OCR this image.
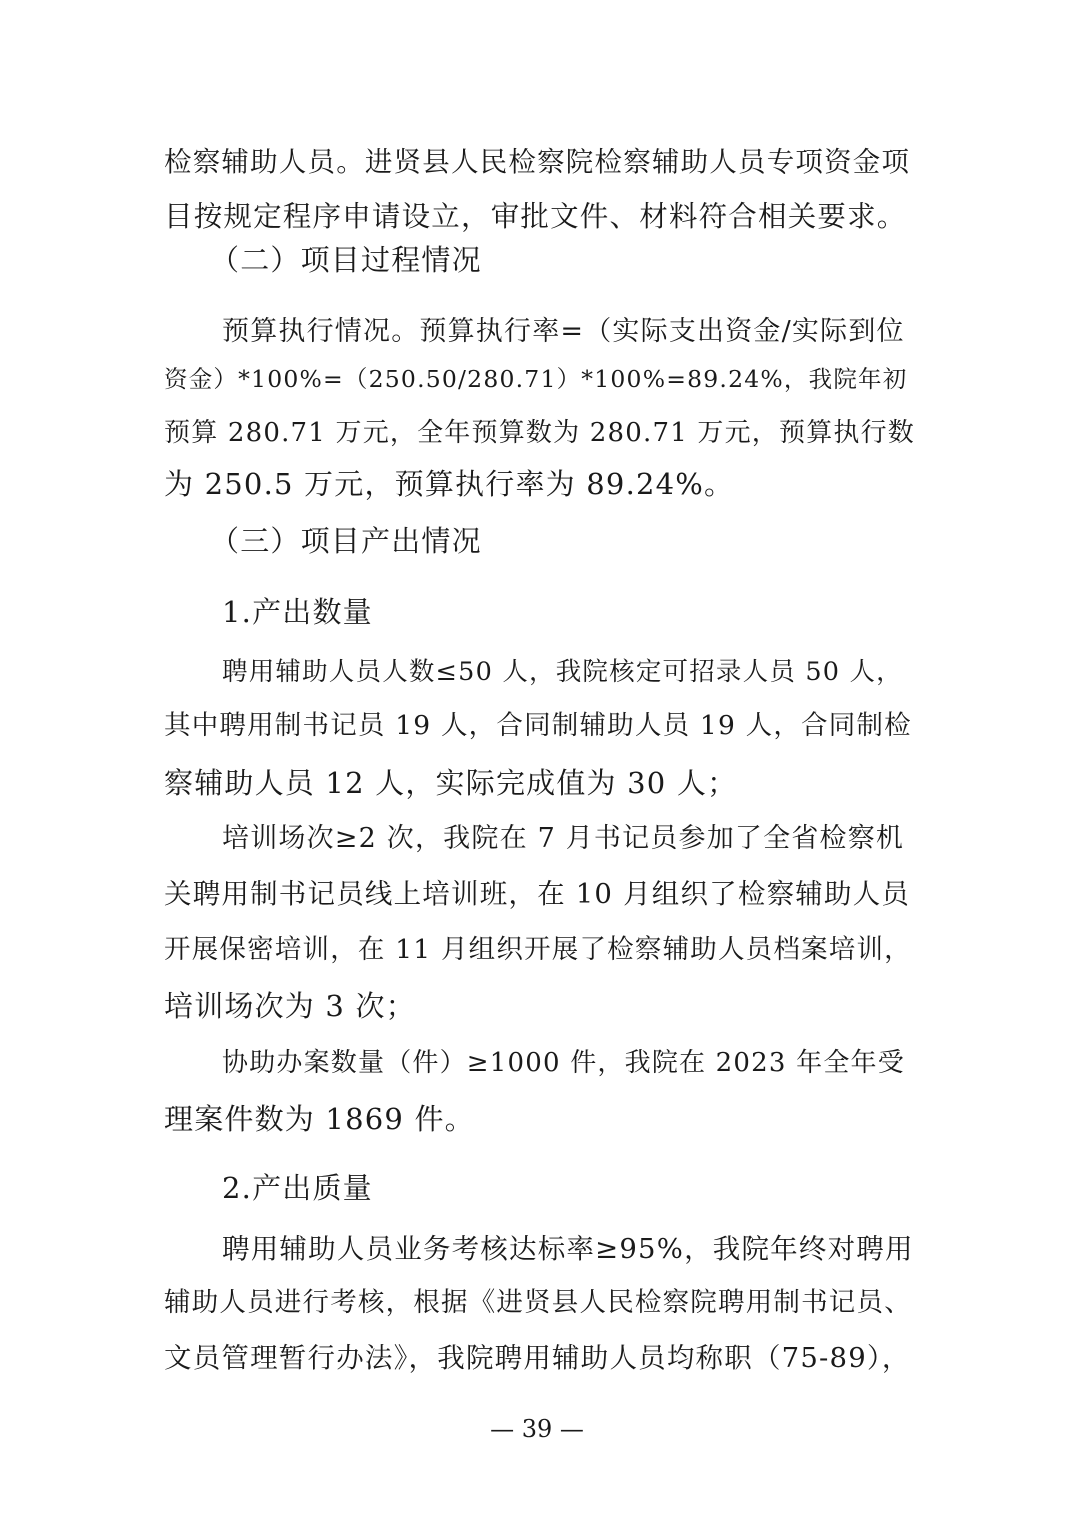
检察辅助人员。进贤县人民检察院检察辅助人员专项资金项
目按规定程序申请设立，审批文件、材料符合相关要求。
（二）项目过程情况
预算执行情况。预算执行率=（实际支出资金/实际到位
资金）*100%=（250.50/280.71）*100%=89.24%，我院年初
预算 280.71 万元，全年预算数为 280.71 万元，预算执行数
为 250.5 万元，预算执行率为 89.24%。
（三）项目产出情况
1.产出数量
聘用辅助人员人数≤50 人，我院核定可招录人员 50 人，
其中聘用制书记员 19 人，合同制辅助人员 19 人，合同制检
察辅助人员 12 人，实际完成值为 30 人；
培训场次≥2 次，我院在 7 月书记员参加了全省检察机
关聘用制书记员线上培训班，在 10 月组织了检察辅助人员
开展保密培训，在 11 月组织开展了检察辅助人员档案培训，
培训场次为 3 次；
协助办案数量（件）≥1000 件，我院在 2023 年全年受
理案件数为 1869 件。
2.产出质量
聘用辅助人员业务考核达标率≥95%，我院年终对聘用
辅助人员进行考核，根据《进贤县人民检察院聘用制书记员、
文员管理暂行办法》，我院聘用辅助人员均称职（75-89），
— 39 —
